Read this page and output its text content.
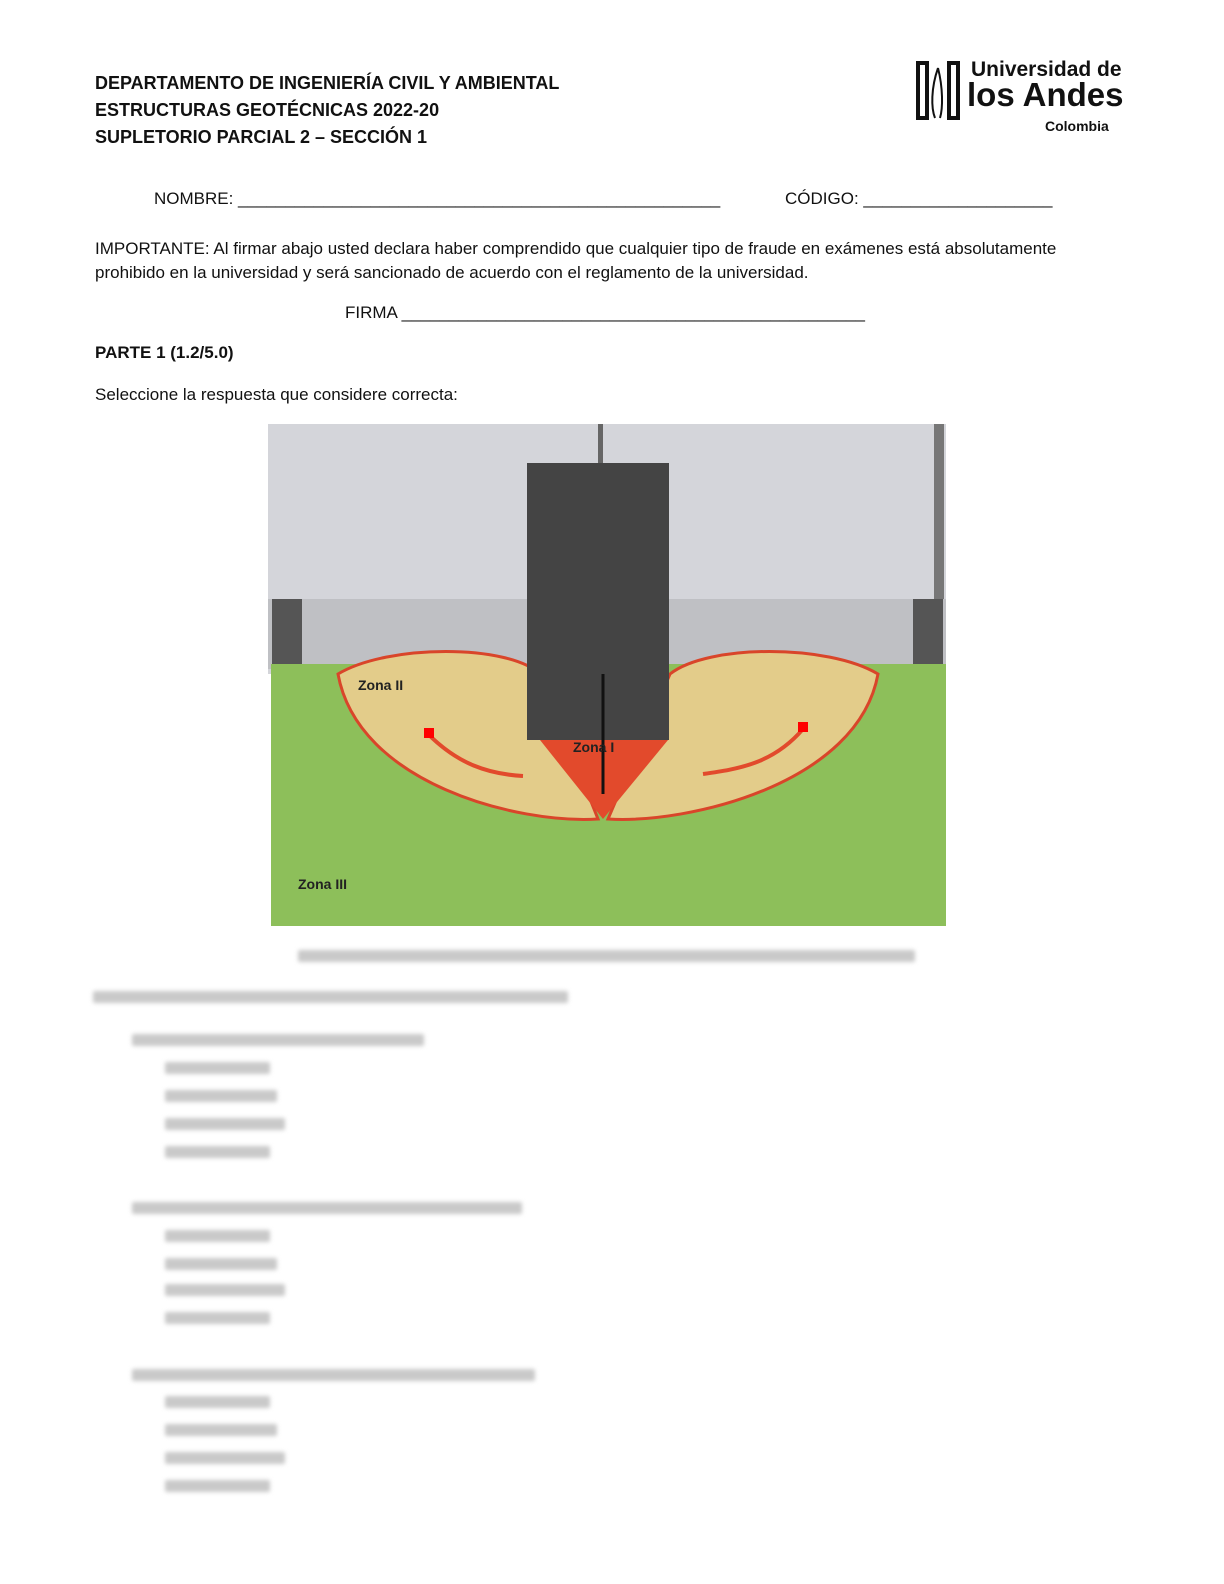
DEPARTAMENTO DE INGENIERÍA CIVIL Y AMBIENTAL
ESTRUCTURAS GEOTÉCNICAS 2022-20
SUPLETORIO PARCIAL 2 – SECCIÓN 1
Universidad de
los Andes
Colombia
NOMBRE: ___________________________________________________	CÓDIGO: ____________________
IMPORTANTE: Al firmar abajo usted declara haber comprendido que cualquier tipo de fraude en exámenes está absolutamente
prohibido en la universidad y será sancionado de acuerdo con el reglamento de la universidad.
FIRMA _________________________________________________
PARTE 1 (1.2/5.0)
Seleccione la respuesta que considere correcta:
Zona II
Zona I
Zona III
